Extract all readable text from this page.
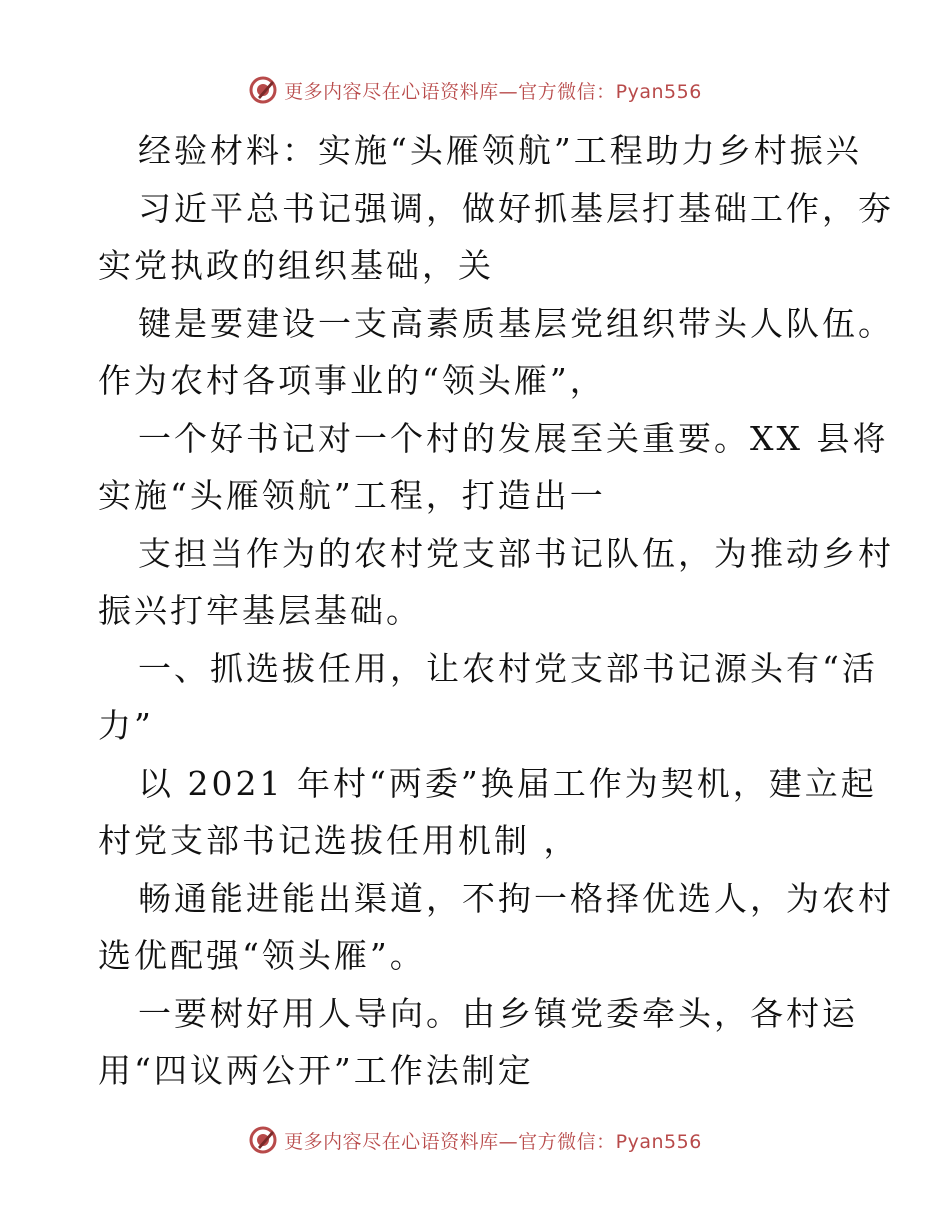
更多内容尽在心语资料库—官方微信：Pyan556
经验材料：实施“头雁领航”工程助力乡村振兴
习近平总书记强调，做好抓基层打基础工作，夯
实党执政的组织基础，关
键是要建设一支高素质基层党组织带头人队伍。
作为农村各项事业的“领头雁”，
一个好书记对一个村的发展至关重要。XX 县将
实施“头雁领航”工程，打造出一
支担当作为的农村党支部书记队伍，为推动乡村
振兴打牢基层基础。
一、抓选拔任用，让农村党支部书记源头有“活
力”
以 2021 年村“两委”换届工作为契机，建立起
村党支部书记选拔任用机制 ，
畅通能进能出渠道，不拘一格择优选人，为农村
选优配强“领头雁”。
一要树好用人导向。由乡镇党委牵头，各村运
用“四议两公开”工作法制定
更多内容尽在心语资料库—官方微信：Pyan556
